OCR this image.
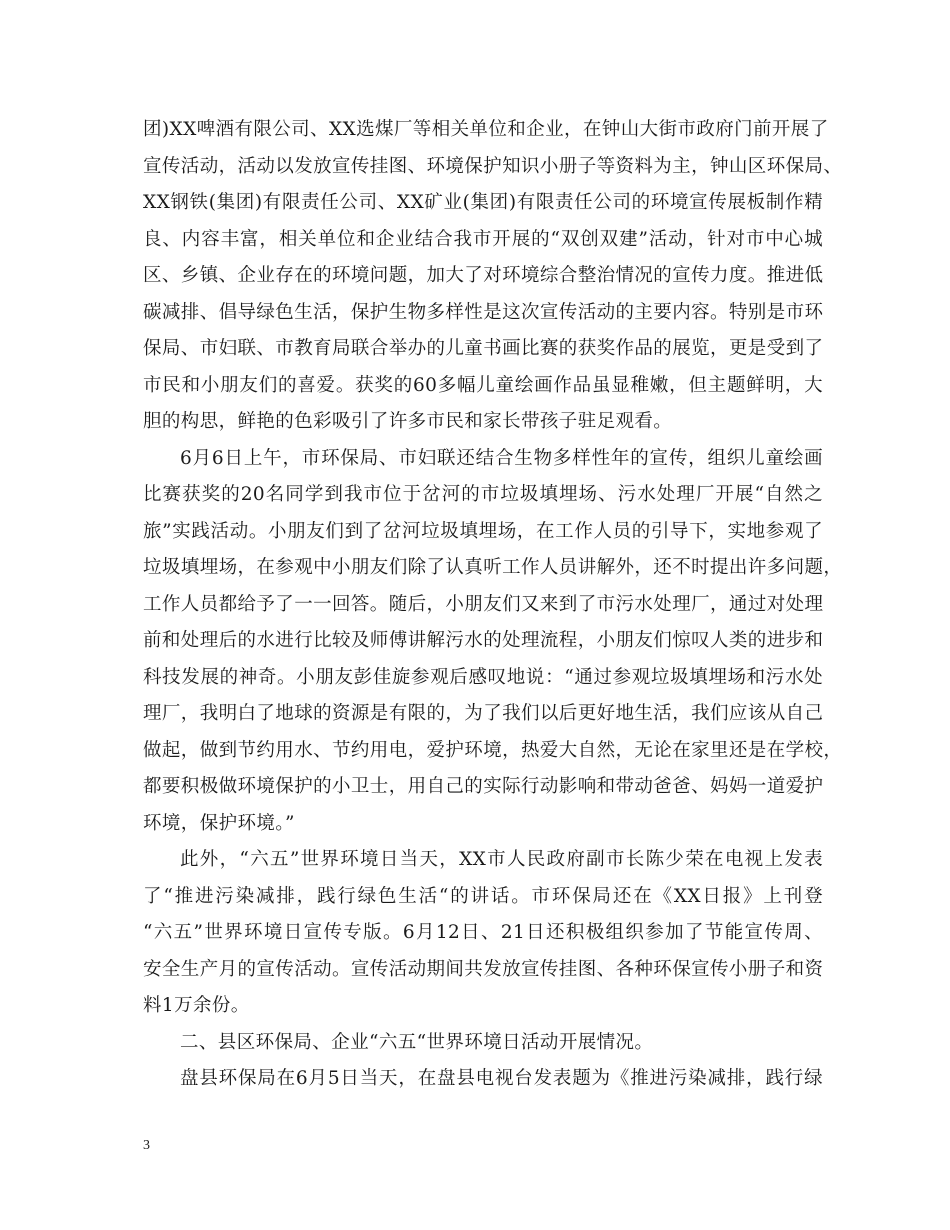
团)XX啤酒有限公司、XX选煤厂等相关单位和企业，在钟山大街市政府门前开展了
宣传活动，活动以发放宣传挂图、环境保护知识小册子等资料为主，钟山区环保局、
XX钢铁(集团)有限责任公司、XX矿业(集团)有限责任公司的环境宣传展板制作精
良、内容丰富，相关单位和企业结合我市开展的“双创双建”活动，针对市中心城
区、乡镇、企业存在的环境问题，加大了对环境综合整治情况的宣传力度。推进低
碳减排、倡导绿色生活，保护生物多样性是这次宣传活动的主要内容。特别是市环
保局、市妇联、市教育局联合举办的儿童书画比赛的获奖作品的展览，更是受到了
市民和小朋友们的喜爱。获奖的60多幅儿童绘画作品虽显稚嫩，但主题鲜明，大
胆的构思，鲜艳的色彩吸引了许多市民和家长带孩子驻足观看。
6月6日上午，市环保局、市妇联还结合生物多样性年的宣传，组织儿童绘画
比赛获奖的20名同学到我市位于岔河的市垃圾填埋场、污水处理厂开展“自然之
旅”实践活动。小朋友们到了岔河垃圾填埋场，在工作人员的引导下，实地参观了
垃圾填埋场，在参观中小朋友们除了认真听工作人员讲解外，还不时提出许多问题，
工作人员都给予了一一回答。随后，小朋友们又来到了市污水处理厂，通过对处理
前和处理后的水进行比较及师傅讲解污水的处理流程，小朋友们惊叹人类的进步和
科技发展的神奇。小朋友彭佳旋参观后感叹地说：“通过参观垃圾填埋场和污水处
理厂，我明白了地球的资源是有限的，为了我们以后更好地生活，我们应该从自己
做起，做到节约用水、节约用电，爱护环境，热爱大自然，无论在家里还是在学校，
都要积极做环境保护的小卫士，用自己的实际行动影响和带动爸爸、妈妈一道爱护
环境，保护环境。”
此外，“六五”世界环境日当天，XX市人民政府副市长陈少荣在电视上发表
了“推进污染减排，践行绿色生活“的讲话。市环保局还在《XX日报》上刊登
“六五”世界环境日宣传专版。6月12日、21日还积极组织参加了节能宣传周、
安全生产月的宣传活动。宣传活动期间共发放宣传挂图、各种环保宣传小册子和资
料1万余份。
二、县区环保局、企业“六五“世界环境日活动开展情况。
盘县环保局在6月5日当天，在盘县电视台发表题为《推进污染减排，践行绿
3
